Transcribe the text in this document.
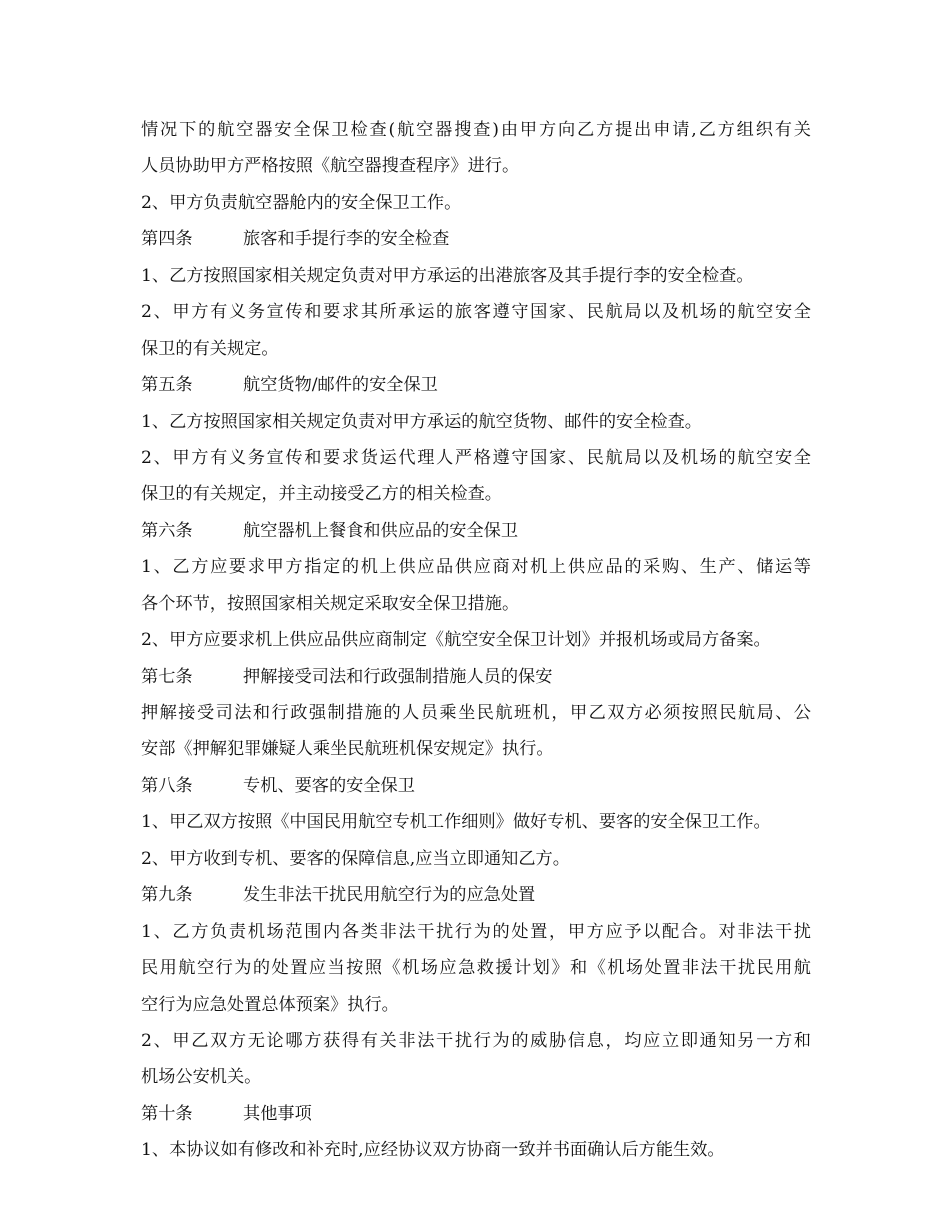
情况下的航空器安全保卫检查(航空器搜查)由甲方向乙方提出申请,乙方组织有关
人员协助甲方严格按照《航空器搜查程序》进行。
2、甲方负责航空器舱内的安全保卫工作。
第四条	旅客和手提行李的安全检查
1、乙方按照国家相关规定负责对甲方承运的出港旅客及其手提行李的安全检查。
2、甲方有义务宣传和要求其所承运的旅客遵守国家、民航局以及机场的航空安全
保卫的有关规定。
第五条	航空货物/邮件的安全保卫
1、乙方按照国家相关规定负责对甲方承运的航空货物、邮件的安全检查。
2、甲方有义务宣传和要求货运代理人严格遵守国家、民航局以及机场的航空安全
保卫的有关规定，并主动接受乙方的相关检查。
第六条	航空器机上餐食和供应品的安全保卫
1、乙方应要求甲方指定的机上供应品供应商对机上供应品的采购、生产、储运等
各个环节，按照国家相关规定采取安全保卫措施。
2、甲方应要求机上供应品供应商制定《航空安全保卫计划》并报机场或局方备案。
第七条	押解接受司法和行政强制措施人员的保安
押解接受司法和行政强制措施的人员乘坐民航班机，甲乙双方必须按照民航局、公
安部《押解犯罪嫌疑人乘坐民航班机保安规定》执行。
第八条	专机、要客的安全保卫
1、甲乙双方按照《中国民用航空专机工作细则》做好专机、要客的安全保卫工作。
2、甲方收到专机、要客的保障信息,应当立即通知乙方。
第九条	发生非法干扰民用航空行为的应急处置
1、乙方负责机场范围内各类非法干扰行为的处置，甲方应予以配合。对非法干扰
民用航空行为的处置应当按照《机场应急救援计划》和《机场处置非法干扰民用航
空行为应急处置总体预案》执行。
2、甲乙双方无论哪方获得有关非法干扰行为的威胁信息，均应立即通知另一方和
机场公安机关。
第十条	其他事项
1、本协议如有修改和补充时,应经协议双方协商一致并书面确认后方能生效。
